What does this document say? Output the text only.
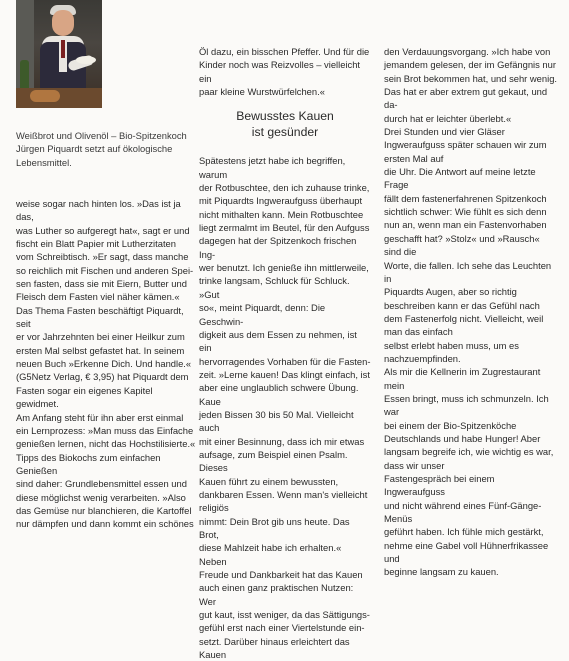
Weißbrot und Olivenöl – Bio-Spitzenkoch
Jürgen Piquardt setzt auf ökologische
Lebensmittel.

weise sogar nach hinten los. »Das ist ja das,
was Luther so aufgeregt hat«, sagt er und
fischt ein Blatt Papier mit Lutherzitaten
vom Schreibtisch. »Er sagt, dass manche
so reichlich mit Fischen und anderen Spei-
sen fasten, dass sie mit Eiern, Butter und
Fleisch dem Fasten viel näher kämen.«
Das Thema Fasten beschäftigt Piquardt, seit
er vor Jahrzehnten bei einer Heilkur zum
ersten Mal selbst gefastet hat. In seinem
neuen Buch »Erkenne Dich. Und handle.«
(G5Netz Verlag, € 3,95) hat Piquardt dem
Fasten sogar ein eigenes Kapitel gewidmet.
Am Anfang steht für ihn aber erst einmal
ein Lernprozess: »Man muss das Einfache
genießen lernen, nicht das Hochstilisierte.«
Tipps des Biokochs zum einfachen Genießen
sind daher: Grundlebensmittel essen und
diese möglichst wenig verarbeiten. »Also
das Gemüse nur blanchieren, die Kartoffel
nur dämpfen und dann kommt ein schönes

Öl dazu, ein bisschen Pfeffer. Und für die
Kinder noch was Reizvolles – vielleicht ein
paar kleine Wurstwürfelchen.«

Bewusstes Kauen
ist gesünder

Spätestens jetzt habe ich begriffen, warum
der Rotbuschtee, den ich zuhause trinke,
mit Piquardts Ingweraufguss überhaupt
nicht mithalten kann. Mein Rotbuschtee
liegt zermalmt im Beutel, für den Aufguss
dagegen hat der Spitzenkoch frischen Ing-
wer benutzt. Ich genieße ihn mittlerweile,
trinke langsam, Schluck für Schluck. »Gut
so«, meint Piquardt, denn: Die Geschwin-
digkeit aus dem Essen zu nehmen, ist ein
hervorragendes Vorhaben für die Fasten-
zeit. »Lerne kauen! Das klingt einfach, ist
aber eine unglaublich schwere Übung. Kaue
jeden Bissen 30 bis 50 Mal. Vielleicht auch
mit einer Besinnung, dass ich mir etwas
aufsage, zum Beispiel einen Psalm. Dieses
Kauen führt zu einem bewussten, dankbaren Essen. Wenn man's vielleicht religiös
nimmt: Dein Brot gib uns heute. Das Brot,
diese Mahlzeit habe ich erhalten.« Neben
Freude und Dankbarkeit hat das Kauen
auch einen ganz praktischen Nutzen: Wer
gut kaut, isst weniger, da das Sättigungs-
gefühl erst nach einer Viertelstunde ein-
setzt. Darüber hinaus erleichtert das Kauen

den Verdauungsvorgang. »Ich habe von
jemandem gelesen, der im Gefängnis nur
sein Brot bekommen hat, und sehr wenig.
Das hat er aber extrem gut gekaut, und da-
durch hat er leichter überlebt.«
Drei Stunden und vier Gläser Ingweraufguss später schauen wir zum ersten Mal auf
die Uhr. Die Antwort auf meine letzte Frage
fällt dem fastenerfahrenen Spitzenkoch
sichtlich schwer: Wie fühlt es sich denn
nun an, wenn man ein Fastenvorhaben geschafft hat? »Stolz« und »Rausch« sind die
Worte, die fallen. Ich sehe das Leuchten in
Piquardts Augen, aber so richtig beschreiben kann er das Gefühl nach dem Fastenerfolg nicht. Vielleicht, weil man das einfach
selbst erlebt haben muss, um es nachzuempfinden.
Als mir die Kellnerin im Zugrestaurant mein
Essen bringt, muss ich schmunzeln. Ich war
bei einem der Bio-Spitzenköche Deutschlands und habe Hunger! Aber langsam begreife ich, wie wichtig es war, dass wir unser
Fastengespräch bei einem Ingweraufguss
und nicht während eines Fünf-Gänge-Menüs
geführt haben. Ich fühle mich gestärkt,
nehme eine Gabel voll Hühnerfrikassee und
beginne langsam zu kauen.
